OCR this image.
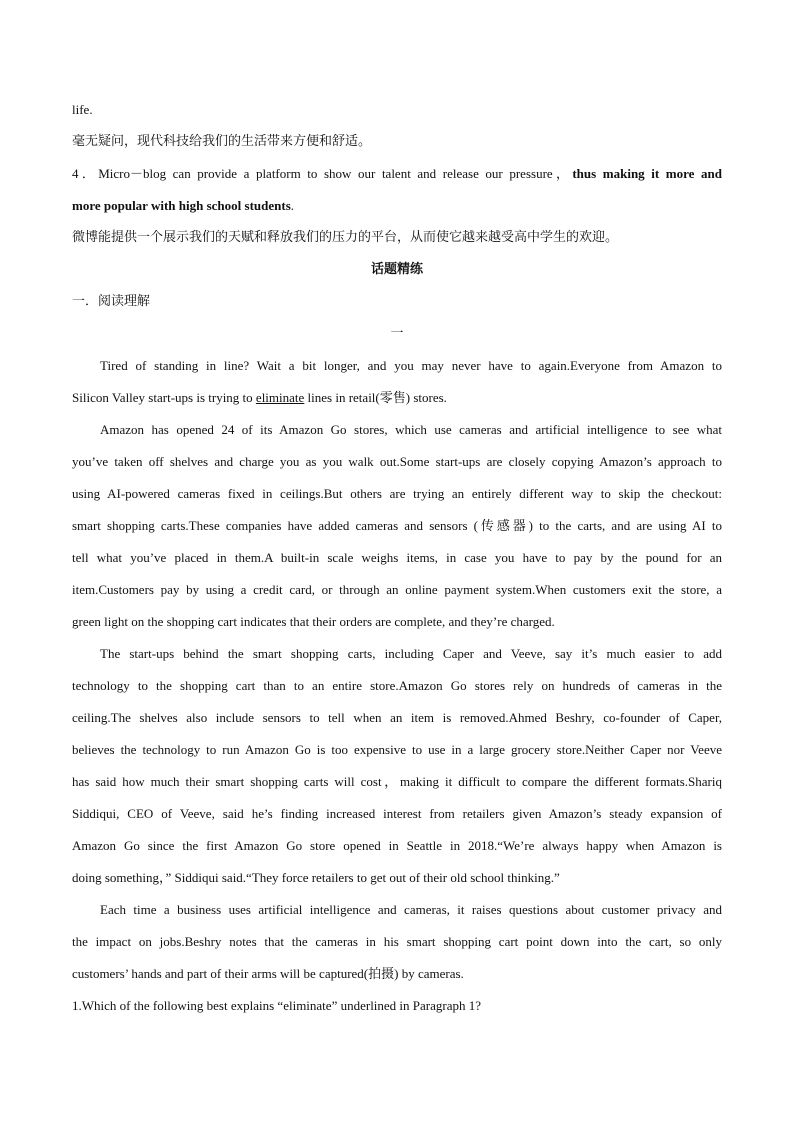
life.
毫无疑问，现代科技给我们的生活带来方便和舒适。
4．Micro－blog can provide a platform to show our talent and release our pressure，thus making it more and
more popular with high school students.
微博能提供一个展示我们的天赋和释放我们的压力的平台，从而使它越来越受高中学生的欢迎。
话题精练
一．阅读理解
一
Tired of standing in line? Wait a bit longer, and you may never have to again.Everyone from Amazon to
Silicon Valley start-ups is trying to eliminate lines in retail(零售) stores.
Amazon has opened 24 of its Amazon Go stores, which use cameras and artificial intelligence to see what
you’ve taken off shelves and charge you as you walk out.Some start-ups are closely copying Amazon’s approach to
using AI-powered cameras fixed in ceilings.But others are trying an entirely different way to skip the checkout:
smart shopping carts.These companies have added cameras and sensors (传感器) to the carts, and are using AI to
tell what you’ve placed in them.A built-in scale weighs items, in case you have to pay by the pound for an
item.Customers pay by using a credit card, or through an online payment system.When customers exit the store, a
green light on the shopping cart indicates that their orders are complete, and they’re charged.
The start-ups behind the smart shopping carts, including Caper and Veeve, say it’s much easier to add
technology to the shopping cart than to an entire store.Amazon Go stores rely on hundreds of cameras in the
ceiling.The shelves also include sensors to tell when an item is removed.Ahmed Beshry, co-founder of Caper,
believes the technology to run Amazon Go is too expensive to use in a large grocery store.Neither Caper nor Veeve
has said how much their smart shopping carts will cost，making it difficult to compare the different formats.Shariq
Siddiqui, CEO of Veeve, said he’s finding increased interest from retailers given Amazon’s steady expansion of
Amazon Go since the first Amazon Go store opened in Seattle in 2018.“We’re always happy when Amazon is
doing something，” Siddiqui said.“They force retailers to get out of their old school thinking.”
Each time a business uses artificial intelligence and cameras, it raises questions about customer privacy and
the impact on jobs.Beshry notes that the cameras in his smart shopping cart point down into the cart, so only
customers’ hands and part of their arms will be captured(拍摄) by cameras.
1.Which of the following best explains “eliminate” underlined in Paragraph 1?
